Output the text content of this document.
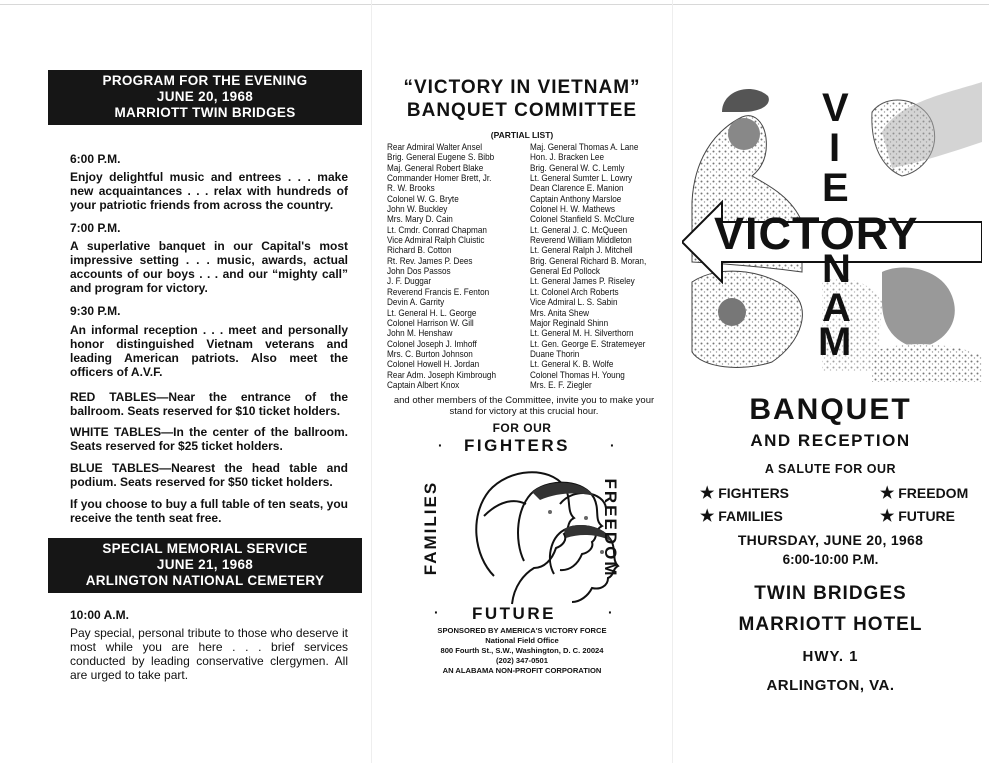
PROGRAM FOR THE EVENING
JUNE 20, 1968
MARRIOTT TWIN BRIDGES
6:00 P.M.
Enjoy delightful music and entrees . . . make new acquaintances . . . relax with hundreds of your patriotic friends from across the country.
7:00 P.M.
A superlative banquet in our Capital's most impressive setting . . . music, awards, actual accounts of our boys . . . and our “mighty call” and program for victory.
9:30 P.M.
An informal reception . . . meet and personally honor distinguished Vietnam veterans and leading American patriots. Also meet the officers of A.V.F.
RED TABLES—Near the entrance of the ballroom. Seats reserved for $10 ticket holders.
WHITE TABLES—In the center of the ballroom. Seats reserved for $25 ticket holders.
BLUE TABLES—Nearest the head table and podium. Seats reserved for $50 ticket holders.
If you choose to buy a full table of ten seats, you receive the tenth seat free.
SPECIAL MEMORIAL SERVICE
JUNE 21, 1968
ARLINGTON NATIONAL CEMETERY
10:00 A.M.
Pay special, personal tribute to those who deserve it most while you are here . . . brief services conducted by leading conservative clergymen. All are urged to take part.
“VICTORY IN VIETNAM”
BANQUET COMMITTEE
(PARTIAL LIST)
Rear Admiral Walter Ansel
Brig. General Eugene S. Bibb
Maj. General Robert Blake
Commander Homer Brett, Jr.
R. W. Brooks
Colonel W. G. Bryte
John W. Buckley
Mrs. Mary D. Cain
Lt. Cmdr. Conrad Chapman
Vice Admiral Ralph Cluistic
Richard B. Cotton
Rt. Rev. James P. Dees
John Dos Passos
J. F. Duggar
Reverend Francis E. Fenton
Devin A. Garrity
Lt. General H. L. George
Colonel Harrison W. Gill
John M. Henshaw
Colonel Joseph J. Imhoff
Mrs. C. Burton Johnson
Colonel Howell H. Jordan
Rear Adm. Joseph Kimbrough
Captain Albert Knox
Maj. General Thomas A. Lane
Hon. J. Bracken Lee
Brig. General W. C. Lemly
Lt. General Sumter L. Lowry
Dean Clarence E. Manion
Captain Anthony Marsloe
Colonel H. W. Mathews
Colonel Stanfield S. McClure
Lt. General J. C. McQueen
Reverend William Middleton
Lt. General Ralph J. Mitchell
Brig. General Richard B. Moran,
General Ed Pollock
Lt. General James P. Riseley
Lt. Colonel Arch Roberts
Vice Admiral L. S. Sabin
Mrs. Anita Shew
Major Reginald Shinn
Lt. General M. H. Silverthorn
Lt. Gen. George E. Stratemeyer
Duane Thorin
Lt. General K. B. Wolfe
Colonel Thomas H. Young
Mrs. E. F. Ziegler
and other members of the Committee, invite you to make your stand for victory at this crucial hour.
FOR OUR
· FIGHTERS	·
FAMILIES	FREEDOM
· FUTURE	·
SPONSORED BY AMERICA'S VICTORY FORCE
National Field Office
800 Fourth St., S.W., Washington, D. C. 20024
(202) 347-0501
AN ALABAMA NON-PROFIT CORPORATION
V
I
E
VICTORY
N
A
M
BANQUET
AND RECEPTION
A SALUTE FOR OUR
★ FIGHTERS	★ FREEDOM
★ FAMILIES	★ FUTURE
THURSDAY, JUNE 20, 1968
6:00-10:00 P.M.
TWIN BRIDGES
MARRIOTT HOTEL
HWY. 1
ARLINGTON, VA.
